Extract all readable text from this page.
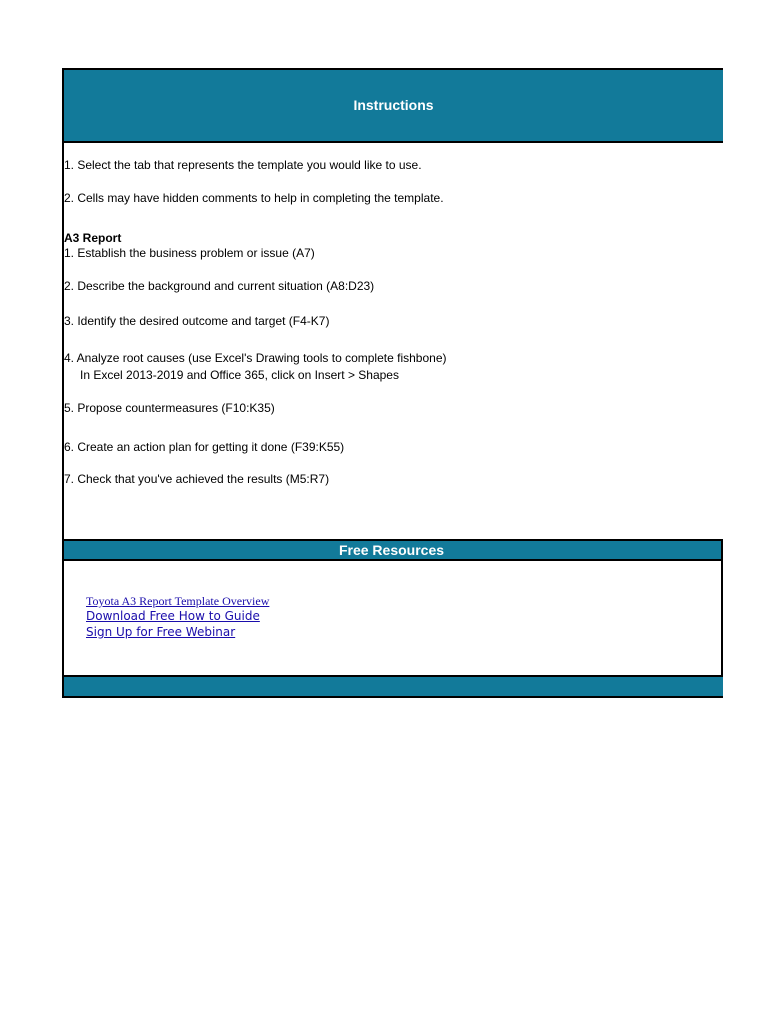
Instructions
1. Select the tab that represents the template you would like to use.
2. Cells may have hidden comments to help in completing the template.
A3 Report
1. Establish the business problem or issue (A7)
2. Describe the background and current situation (A8:D23)
3. Identify the desired outcome and target (F4-K7)
4. Analyze root causes (use Excel's Drawing tools to complete fishbone)
In Excel 2013-2019 and Office 365, click on Insert > Shapes
5. Propose countermeasures (F10:K35)
6. Create an action plan for getting it done (F39:K55)
7. Check that you've achieved the results (M5:R7)
Free Resources
Toyota A3 Report Template Overview
Download Free How to Guide
Sign Up for Free Webinar
